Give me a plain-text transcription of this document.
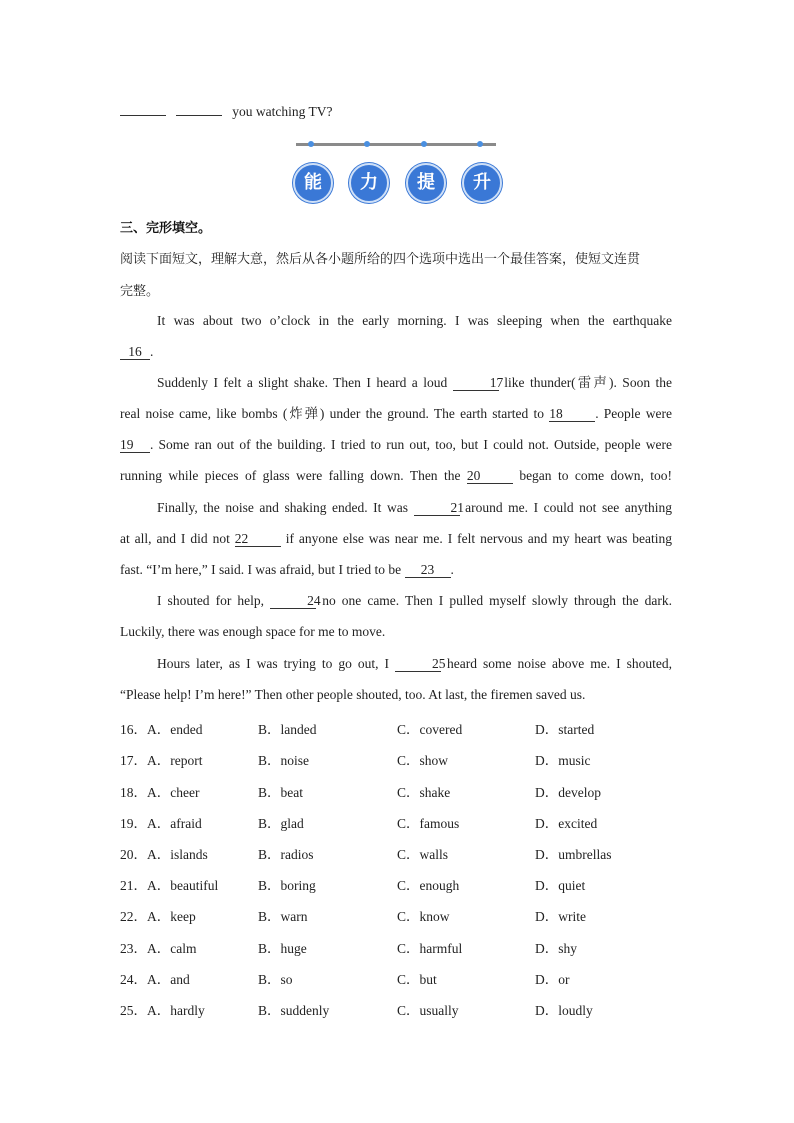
you watching TV?
能	力	提	升
三、完形填空。
阅读下面短文，理解大意，然后从各小题所给的四个选项中选出一个最佳答案，使短文连贯
完整。
It was about two o’clock in the early morning. I was sleeping when the earthquake
16 .
Suddenly I felt a slight shake. Then I heard a loud	17 like thunder(雷声). Soon the
real noise came, like bombs (炸弹) under the ground. The earth started to 18 . People were
19 . Some ran out of the building. I tried to run out, too, but I could not. Outside, people were
running while pieces of glass were falling down. Then the 20	began to come down, too!
Finally, the noise and shaking ended. It was	21 around me. I could not see anything
at all, and I did not 22	if anyone else was near me. I felt nervous and my heart was beating
fast. “I’m here,” I said. I was afraid, but I tried to be 23 .
I shouted for help,	24 no one came. Then I pulled myself slowly through the dark.
Luckily, there was enough space for me to move.
Hours later, as I was trying to go out, I	25 heard some noise above me. I shouted,
“Please help! I’m here!” Then other people shouted, too. At last, the firemen saved us.
16． A．ended	B．landed	C．covered	D．started
17． A．report	B．noise	C．show	D．music
18． A．cheer	B．beat	C．shake	D．develop
19． A．afraid	B．glad	C．famous	D．excited
20． A．islands	B．radios	C．walls	D．umbrellas
21． A．beautiful	B．boring	C．enough	D．quiet
22． A．keep	B．warn	C．know	D．write
23． A．calm	B．huge	C．harmful	D．shy
24． A．and	B．so	C．but	D．or
25． A．hardly	B．suddenly	C．usually	D．loudly
